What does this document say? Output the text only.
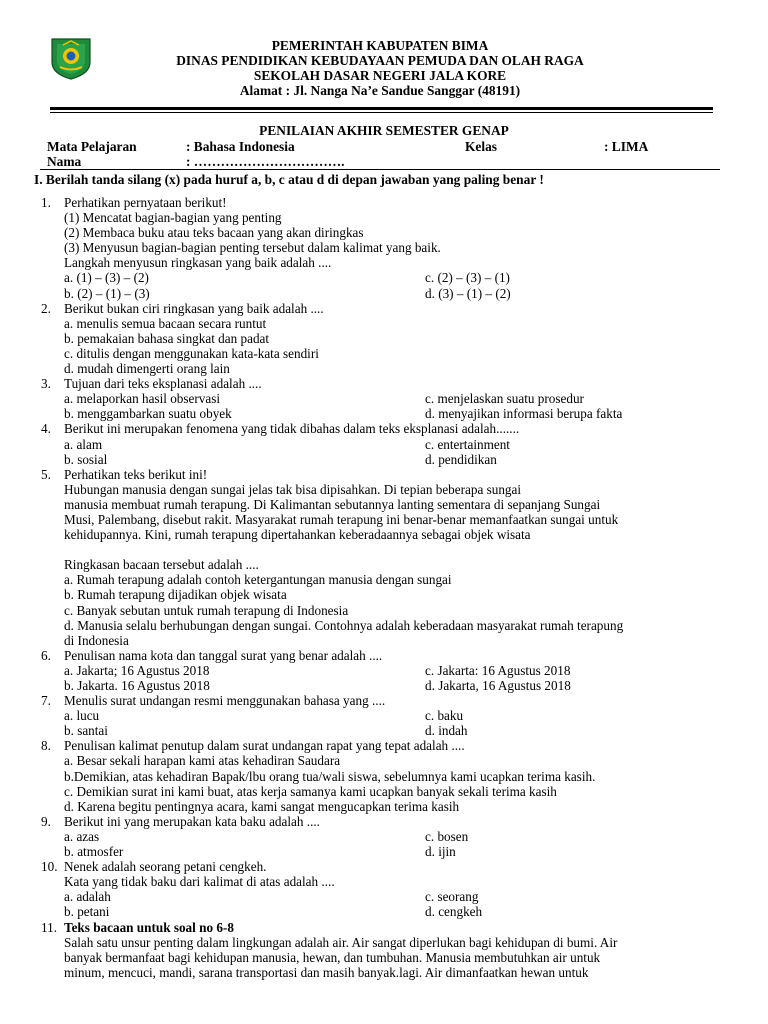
PEMERINTAH KABUPATEN BIMA
DINAS PENDIDIKAN KEBUDAYAAN PEMUDA DAN OLAH RAGA
SEKOLAH DASAR NEGERI JALA KORE
Alamat : Jl. Nanga Na’e Sandue Sanggar (48191)
PENILAIAN AKHIR SEMESTER GENAP
Mata Pelajaran	: Bahasa Indonesia	Kelas	: LIMA
Nama	: …………………………….
I. Berilah tanda silang (x) pada huruf a, b, c atau d di depan jawaban yang paling benar !
1. Perhatikan pernyataan berikut!
(1) Mencatat bagian-bagian yang penting
(2) Membaca buku atau teks bacaan yang akan diringkas
(3) Menyusun bagian-bagian penting tersebut dalam kalimat yang baik.
Langkah menyusun ringkasan yang baik adalah ....
a. (1) – (3) – (2)	c. (2) – (3) – (1)
b. (2) – (1) – (3)	d. (3) – (1) – (2)
2. Berikut bukan ciri ringkasan yang baik adalah ....
a. menulis semua bacaan secara runtut
b. pemakaian bahasa singkat dan padat
c. ditulis dengan menggunakan kata-kata sendiri
d. mudah dimengerti orang lain
3. Tujuan dari teks eksplanasi adalah ....
a. melaporkan hasil observasi	c. menjelaskan suatu prosedur
b. menggambarkan suatu obyek	d. menyajikan informasi berupa fakta
4. Berikut ini merupakan fenomena yang tidak dibahas dalam teks eksplanasi adalah.......
a. alam	c. entertainment
b. sosial	d. pendidikan
5. Perhatikan teks berikut ini!
Hubungan manusia dengan sungai jelas tak bisa dipisahkan. Di tepian beberapa sungai
manusia membuat rumah terapung. Di Kalimantan sebutannya lanting sementara di sepanjang Sungai
Musi, Palembang, disebut rakit. Masyarakat rumah terapung ini benar-benar memanfaatkan sungai untuk
kehidupannya. Kini, rumah terapung dipertahankan keberadaannya sebagai objek wisata
Ringkasan bacaan tersebut adalah ....
a. Rumah terapung adalah contoh ketergantungan manusia dengan sungai
b. Rumah terapung dijadikan objek wisata
c. Banyak sebutan untuk rumah terapung di Indonesia
d. Manusia selalu berhubungan dengan sungai. Contohnya adalah keberadaan masyarakat rumah terapung
di Indonesia
6. Penulisan nama kota dan tanggal surat yang benar adalah ....
a. Jakarta; 16 Agustus 2018	c. Jakarta: 16 Agustus 2018
b. Jakarta. 16 Agustus 2018	d. Jakarta, 16 Agustus 2018
7. Menulis surat undangan resmi menggunakan bahasa yang ....
a. lucu	c. baku
b. santai	d. indah
8. Penulisan kalimat penutup dalam surat undangan rapat yang tepat adalah ....
a. Besar sekali harapan kami atas kehadiran Saudara
b.Demikian, atas kehadiran Bapak/lbu orang tua/wali siswa, sebelumnya kami ucapkan terima kasih.
c. Demikian surat ini kami buat, atas kerja samanya kami ucapkan banyak sekali terima kasih
d. Karena begitu pentingnya acara, kami sangat mengucapkan terima kasih
9. Berikut ini yang merupakan kata baku adalah ....
a. azas	c. bosen
b. atmosfer	d. ijin
10. Nenek adalah seorang petani cengkeh.
Kata yang tidak baku dari kalimat di atas adalah ....
a. adalah	c. seorang
b. petani	d. cengkeh
11. Teks bacaan untuk soal no 6-8
Salah satu unsur penting dalam lingkungan adalah air. Air sangat diperlukan bagi kehidupan di bumi. Air
banyak bermanfaat bagi kehidupan manusia, hewan, dan tumbuhan. Manusia membutuhkan air untuk
minum, mencuci, mandi, sarana transportasi dan masih banyak.lagi. Air dimanfaatkan hewan untuk
